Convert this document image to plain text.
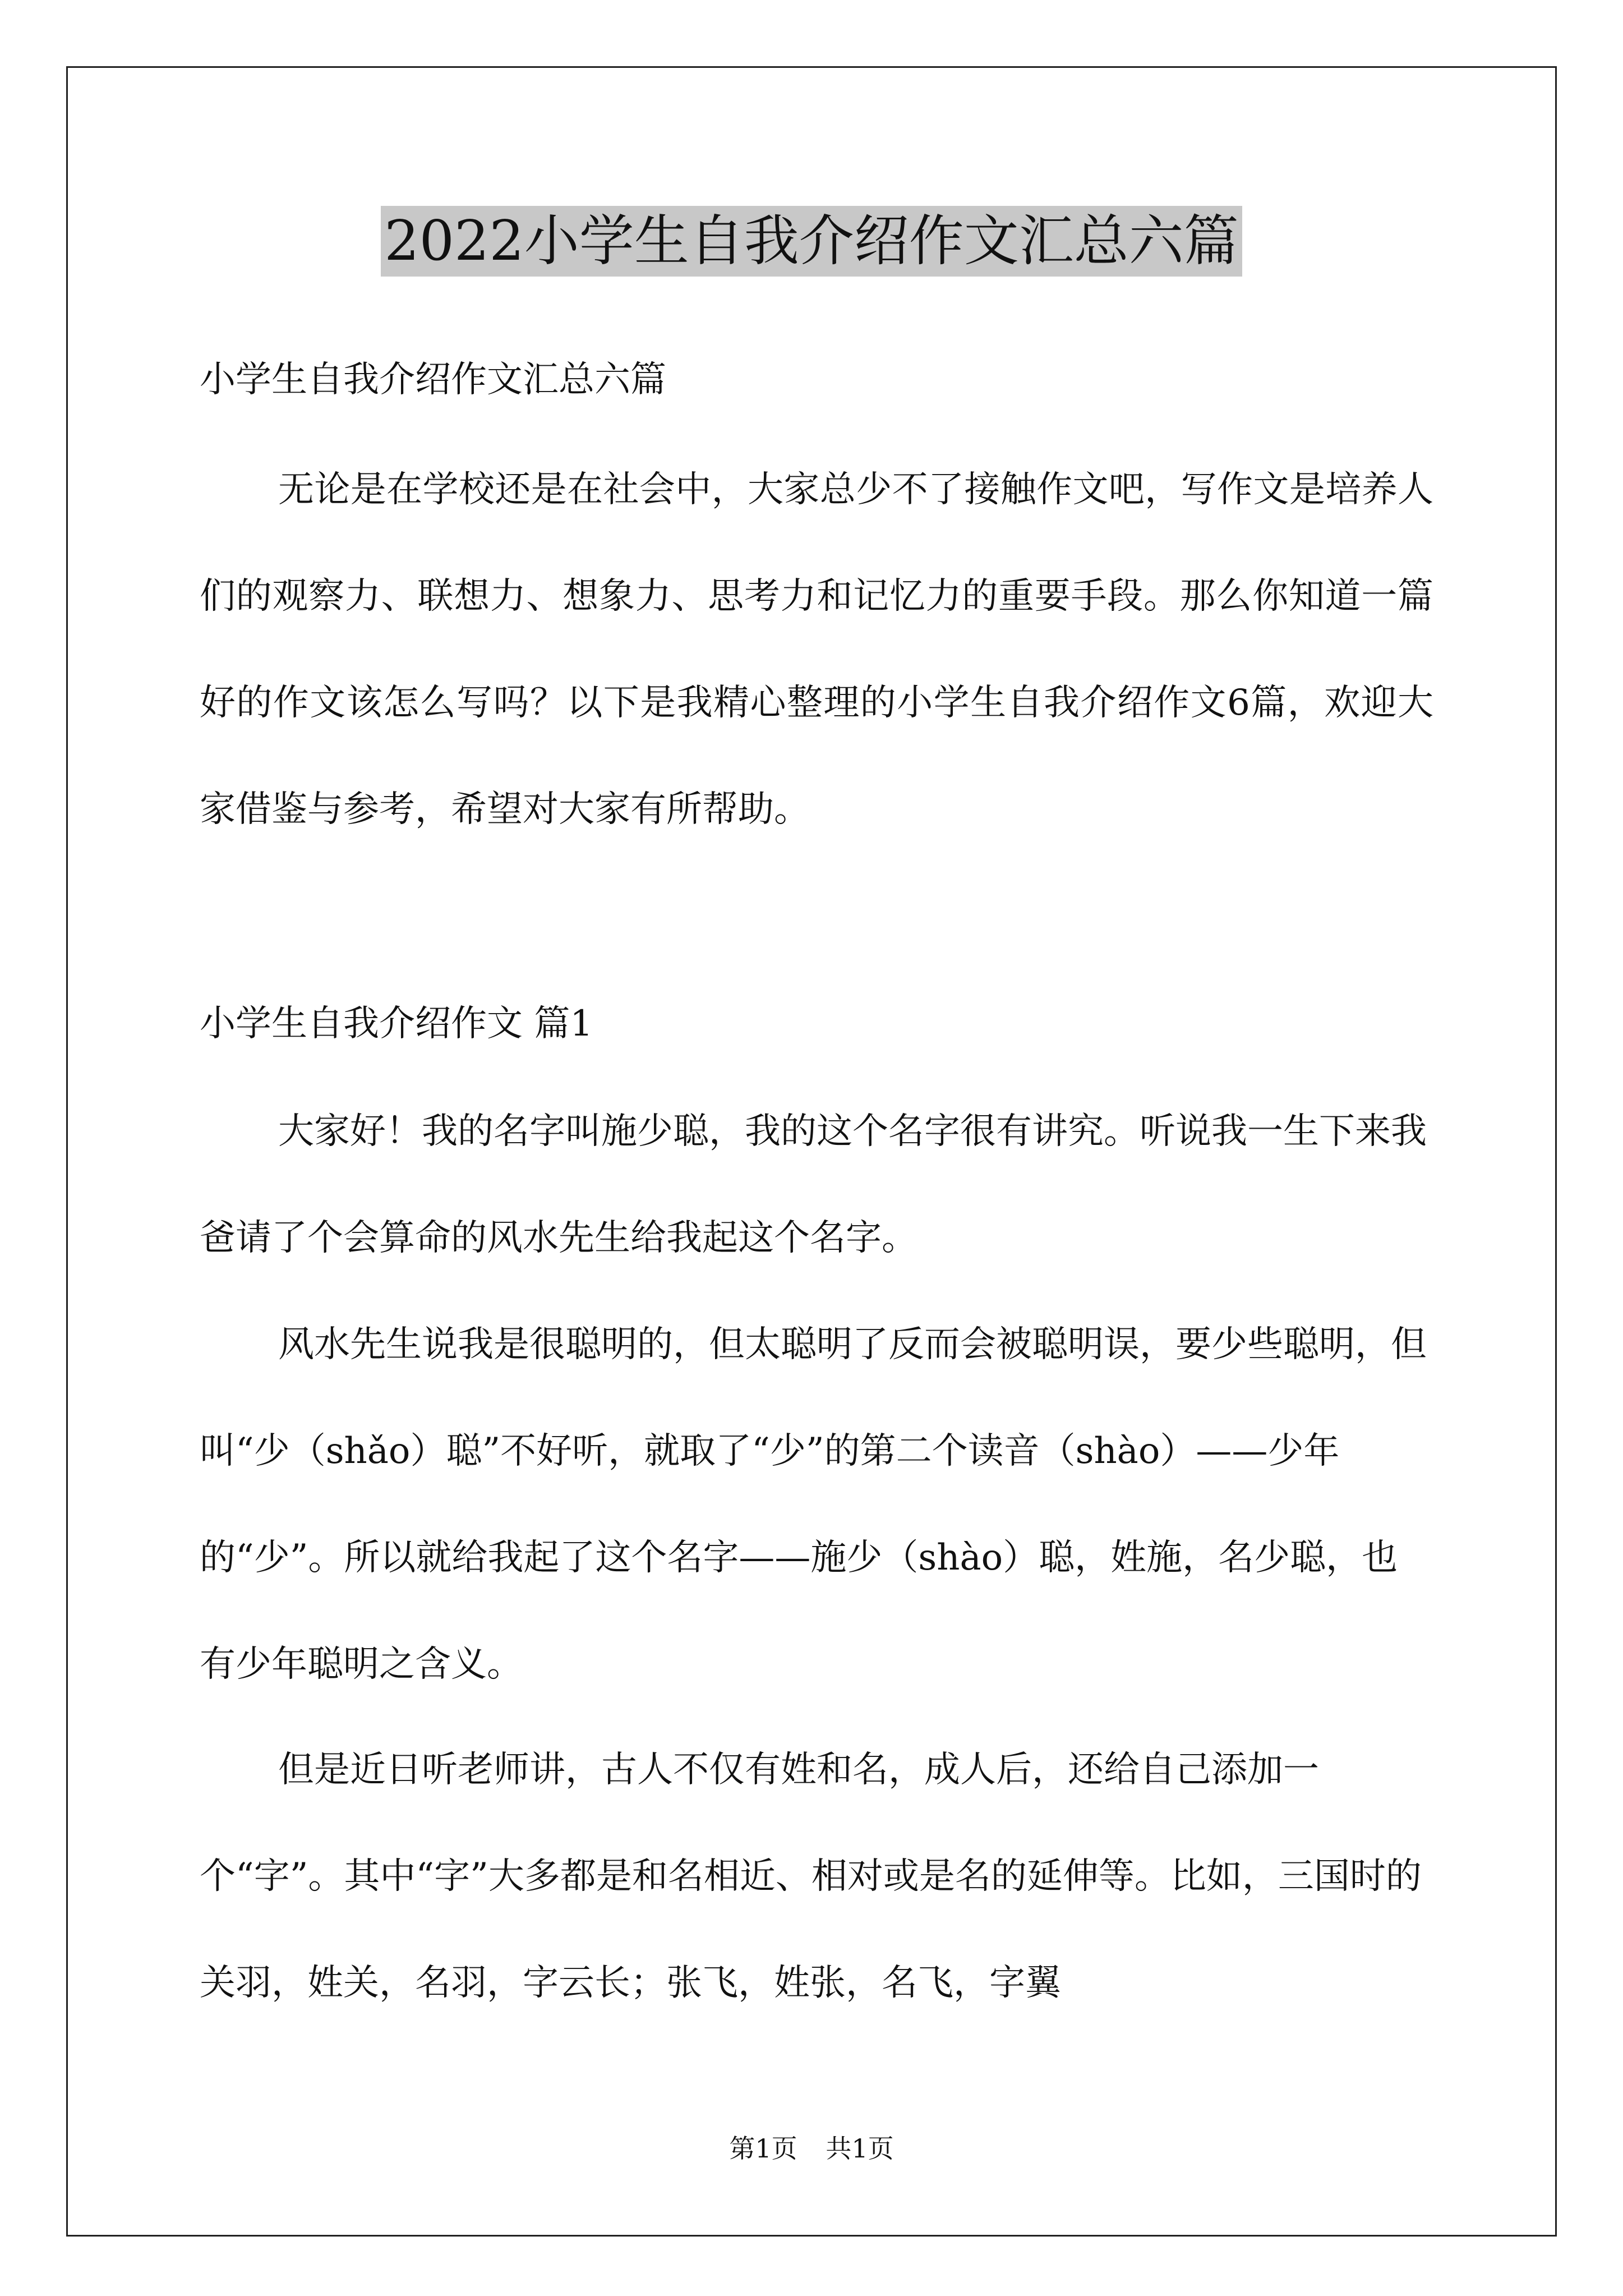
2022小学生自我介绍作文汇总六篇

小学生自我介绍作文汇总六篇

无论是在学校还是在社会中，大家总少不了接触作文吧，写作文是培养人们的观察力、联想力、想象力、思考力和记忆力的重要手段。那么你知道一篇好的作文该怎么写吗？以下是我精心整理的小学生自我介绍作文6篇，欢迎大家借鉴与参考，希望对大家有所帮助。

小学生自我介绍作文 篇1

大家好！我的名字叫施少聪，我的这个名字很有讲究。听说我一生下来我爸请了个会算命的风水先生给我起这个名字。

风水先生说我是很聪明的，但太聪明了反而会被聪明误，要少些聪明，但叫“少（shǎo）聪”不好听，就取了“少”的第二个读音（shào）——少年的“少”。所以就给我起了这个名字——施少（shào）聪，姓施，名少聪，也有少年聪明之含义。

但是近日听老师讲，古人不仅有姓和名，成人后，还给自己添加一个“字”。其中“字”大多都是和名相近、相对或是名的延伸等。比如，三国时的关羽，姓关，名羽，字云长；张飞，姓张，名飞，字翼

第1页 共1页
